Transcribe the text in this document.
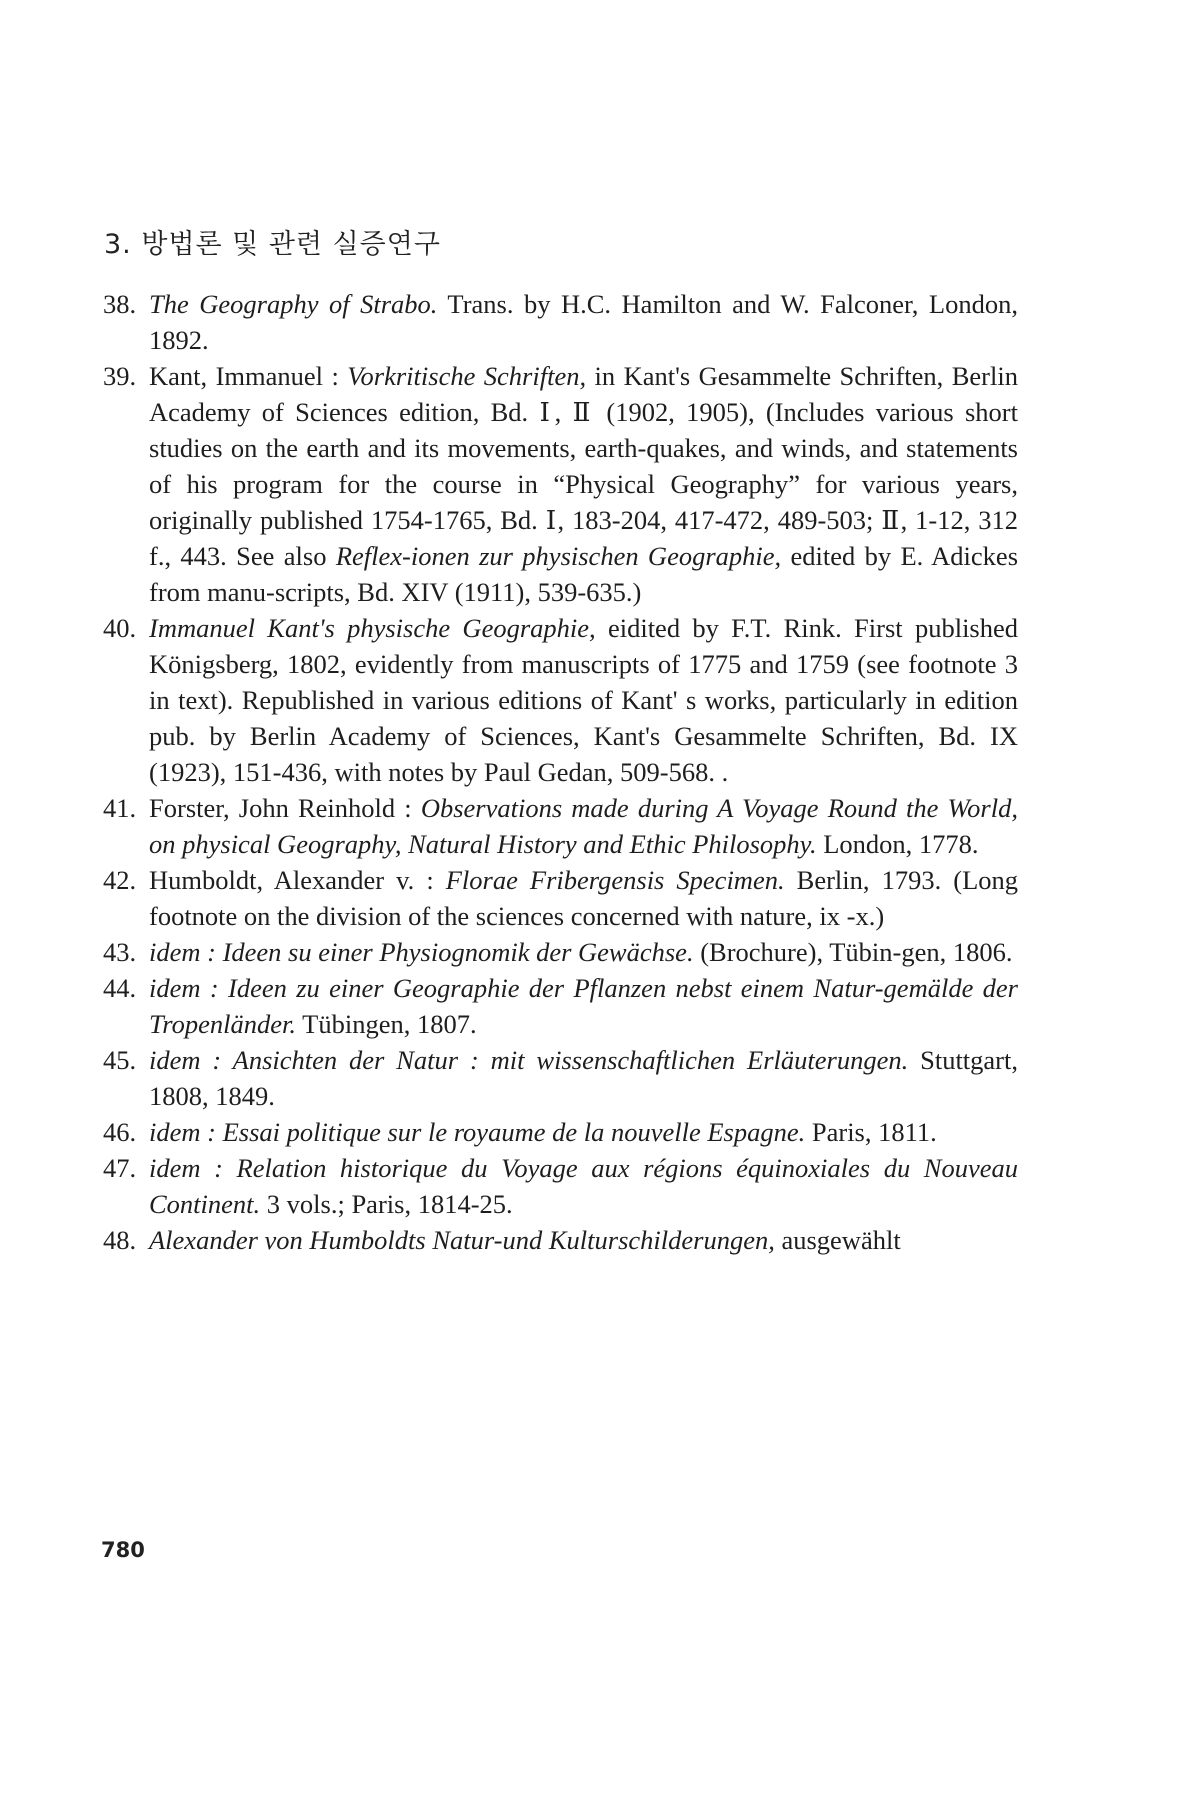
3. 방법론 및 관련 실증연구
38. The Geography of Strabo. Trans. by H.C. Hamilton and W. Falconer, London, 1892.
39. Kant, Immanuel : Vorkritische Schriften, in Kant's Gesammelte Schriften, Berlin Academy of Sciences edition, Bd. Ⅰ, Ⅱ (1902, 1905), (Includes various short studies on the earth and its movements, earth-quakes, and winds, and statements of his program for the course in “Physical Geography” for various years, originally published 1754-1765, Bd. Ⅰ, 183-204, 417-472, 489-503; Ⅱ, 1-12, 312 f., 443. See also Reflex-ionen zur physischen Geographie, edited by E. Adickes from manu-scripts, Bd. XIV (1911), 539-635.)
40. Immanuel Kant's physische Geographie, eidited by F.T. Rink. First published Königsberg, 1802, evidently from manuscripts of 1775 and 1759 (see footnote 3 in text). Republished in various editions of Kant' s works, particularly in edition pub. by Berlin Academy of Sciences, Kant's Gesammelte Schriften, Bd. IX (1923), 151-436, with notes by Paul Gedan, 509-568. .
41. Forster, John Reinhold : Observations made during A Voyage Round the World, on physical Geography, Natural History and Ethic Philosophy. London, 1778.
42. Humboldt, Alexander v. : Florae Fribergensis Specimen. Berlin, 1793. (Long footnote on the division of the sciences concerned with nature, ix -x.)
43. idem : Ideen su einer Physiognomik der Gewächse. (Brochure), Tübin-gen, 1806.
44. idem : Ideen zu einer Geographie der Pflanzen nebst einem Natur-gemälde der Tropenländer. Tübingen, 1807.
45. idem : Ansichten der Natur : mit wissenschaftlichen Erläuterungen. Stuttgart, 1808, 1849.
46. idem : Essai politique sur le royaume de la nouvelle Espagne. Paris, 1811.
47. idem : Relation historique du Voyage aux régions équinoxiales du Nouveau Continent. 3 vols.; Paris, 1814-25.
48. Alexander von Humboldts Natur-und Kulturschilderungen, ausgewählt
780
